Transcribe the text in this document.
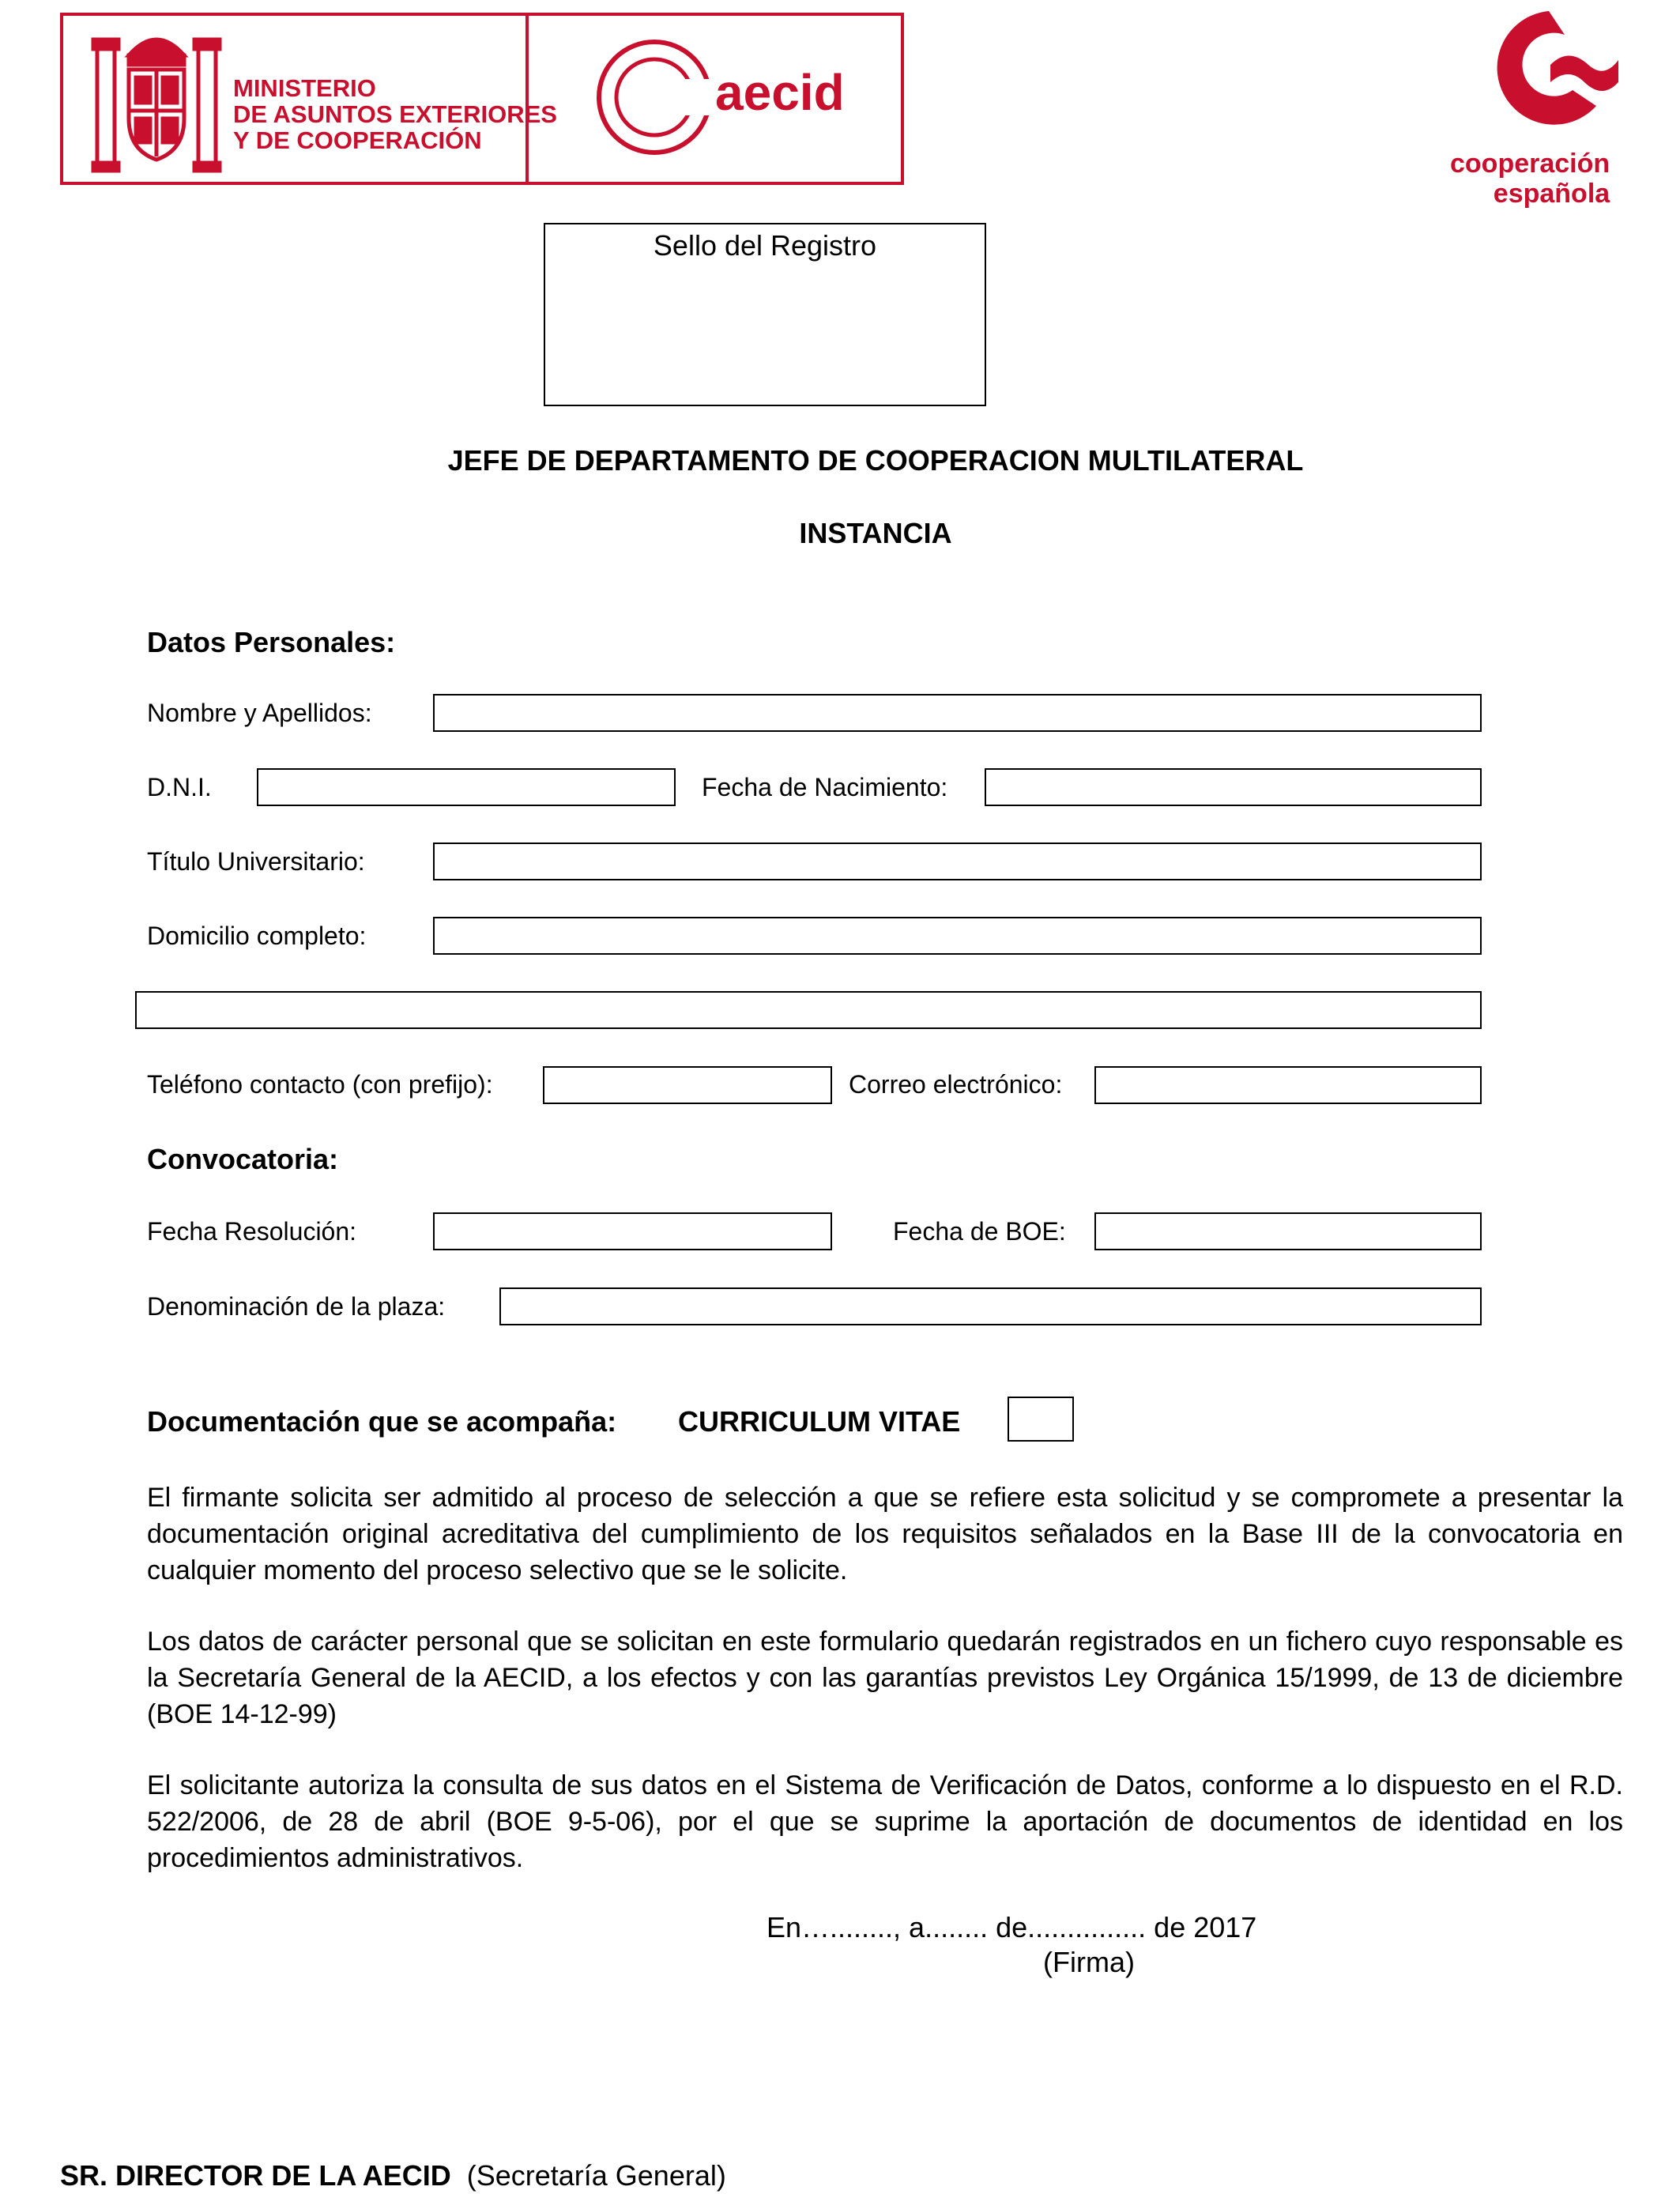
MINISTERIO
DE ASUNTOS EXTERIORES
Y DE COOPERACIÓN
aecid
cooperación
española
Sello del Registro
JEFE DE DEPARTAMENTO DE COOPERACION MULTILATERAL
INSTANCIA
Datos Personales:
Nombre y Apellidos:
D.N.I.	Fecha de Nacimiento:
Título Universitario:
Domicilio completo:
Teléfono contacto (con prefijo):	Correo electrónico:
Convocatoria:
Fecha Resolución:	Fecha de BOE:
Denominación de la plaza:
Documentación que se acompaña: CURRICULUM VITAE
El firmante solicita ser admitido al proceso de selección a que se refiere esta solicitud y se compromete a presentar la documentación original acreditativa del cumplimiento de los requisitos señalados en la Base III de la convocatoria en cualquier momento del proceso selectivo que se le solicite.
Los datos de carácter personal que se solicitan en este formulario quedarán registrados en un fichero cuyo responsable es la Secretaría General de la AECID, a los efectos y con las garantías previstos Ley Orgánica 15/1999, de 13 de diciembre (BOE 14-12-99)
El solicitante autoriza la consulta de sus datos en el Sistema de Verificación de Datos, conforme a lo dispuesto en el R.D. 522/2006, de 28 de abril (BOE 9-5-06), por el que se suprime la aportación de documentos de identidad en los procedimientos administrativos.
En…........, a........ de............... de 2017
(Firma)
SR. DIRECTOR DE LA AECID (Secretaría General)
